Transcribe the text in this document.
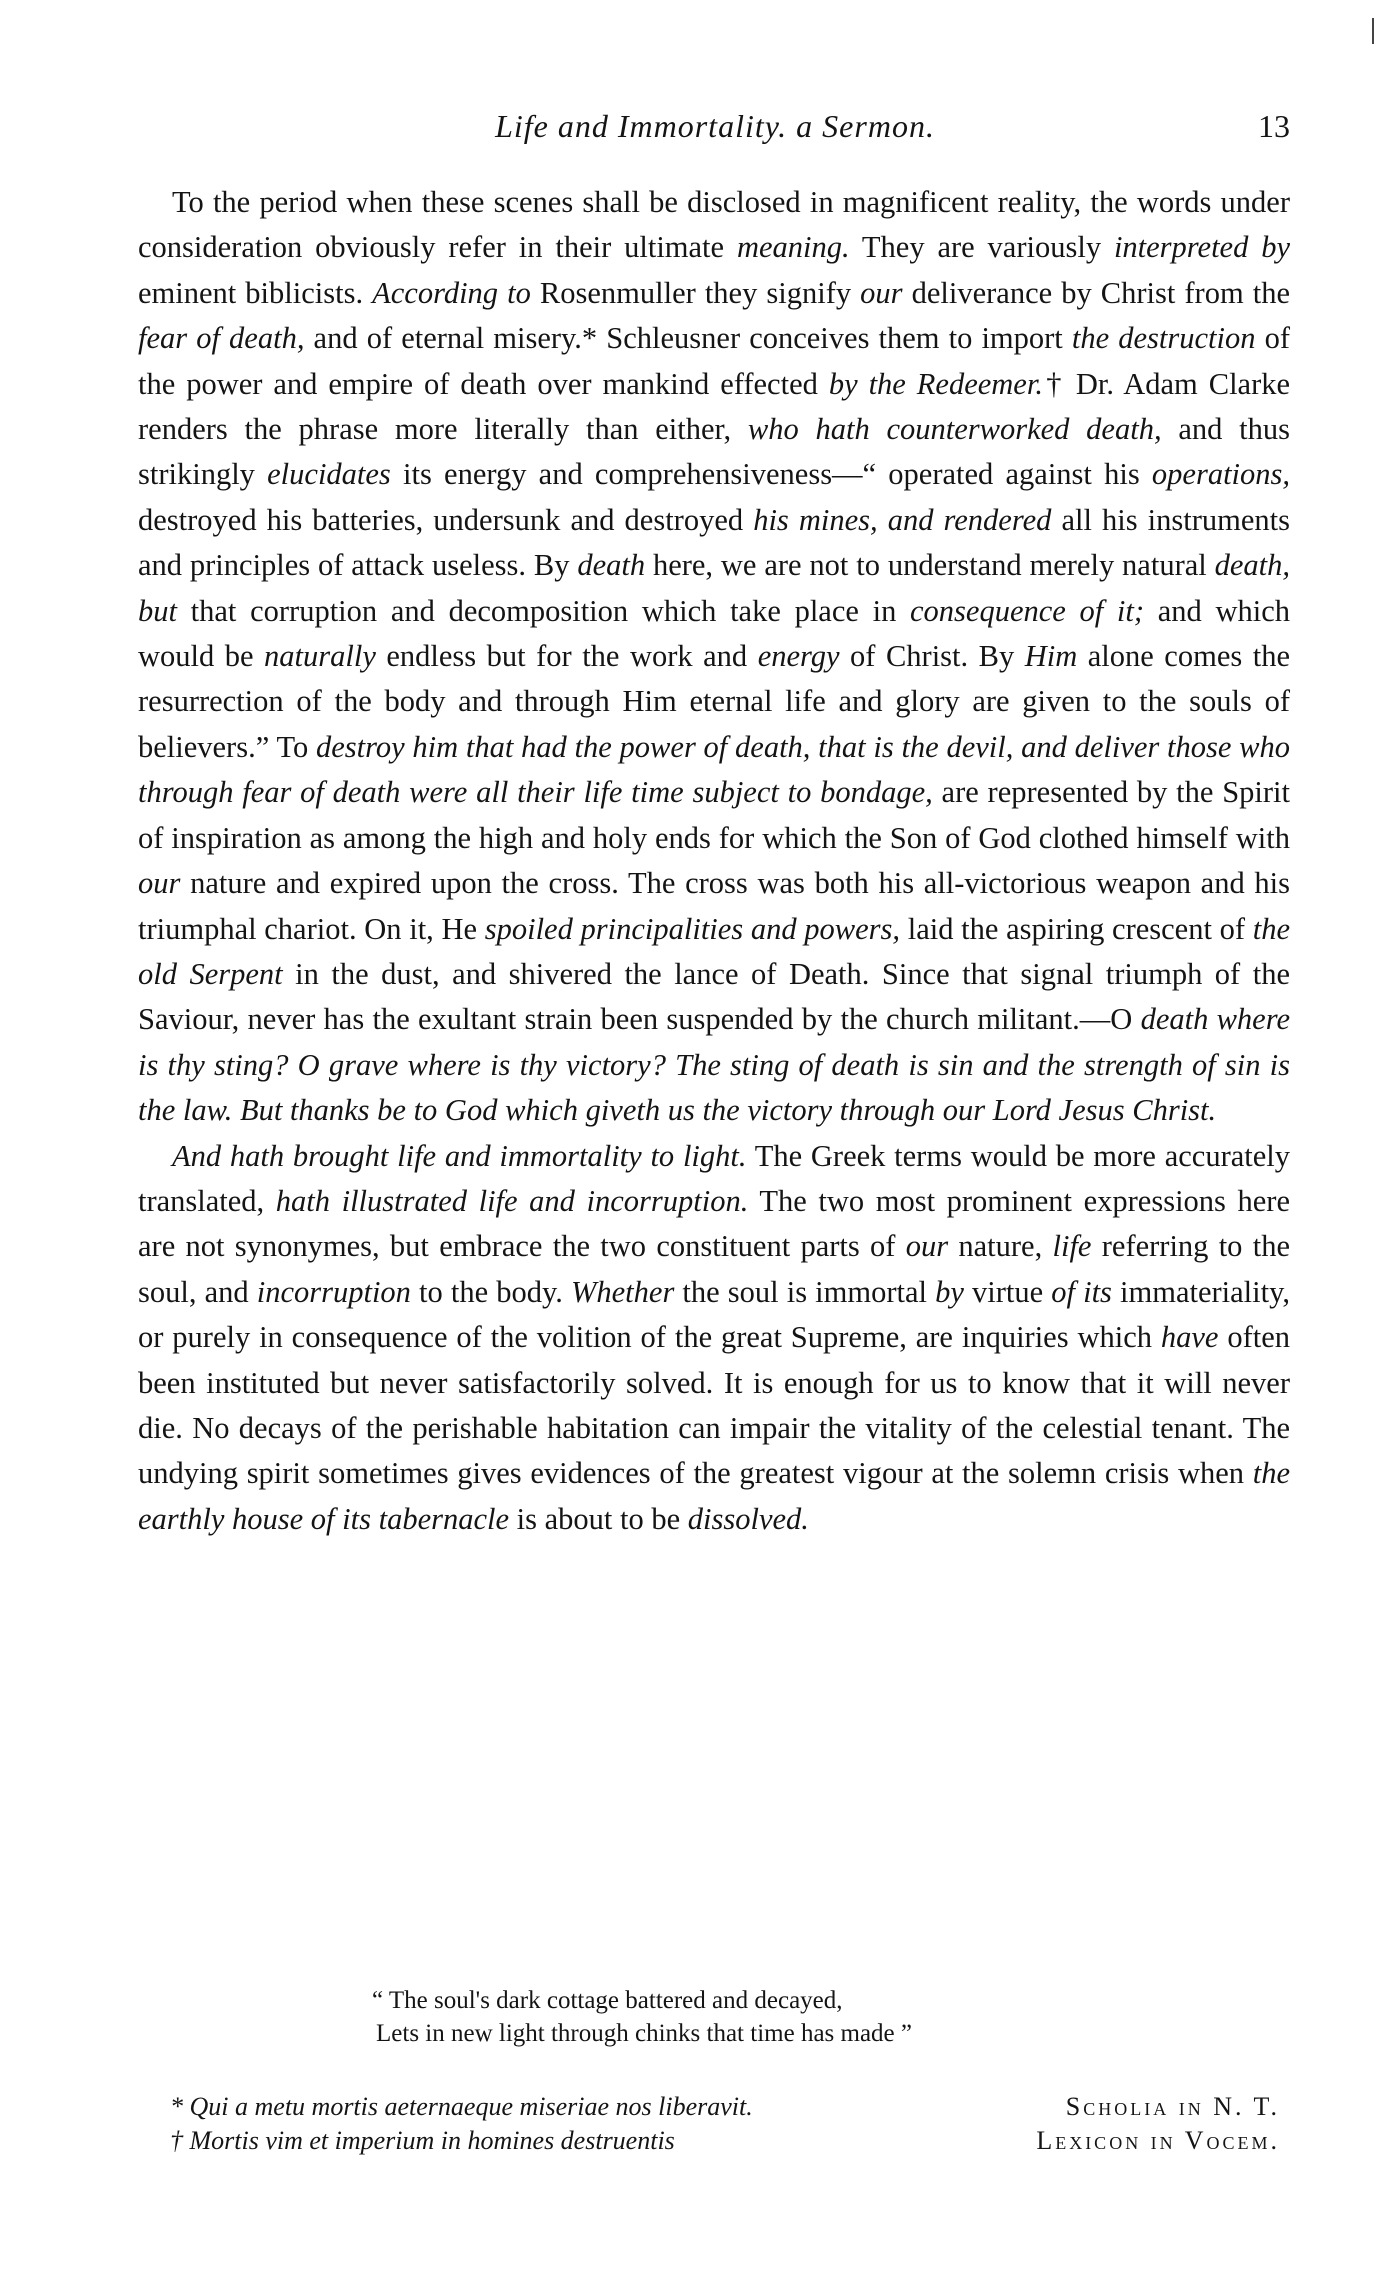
Life and Immortality. a Sermon.	13

To the period when these scenes shall be disclosed in magnificent reality, the words under consideration obviously refer in their ultimate meaning. They are variously interpreted by eminent biblicists. According to Rosenmuller they signify our deliverance by Christ from the fear of death, and of eternal misery.* Schleusner conceives them to import the destruction of the power and empire of death over mankind effected by the Redeemer.† Dr. Adam Clarke renders the phrase more literally than either, who hath counterworked death, and thus strikingly elucidates its energy and comprehensiveness—“ operated against his operations, destroyed his batteries, undersunk and destroyed his mines, and rendered all his instruments and principles of attack useless. By death here, we are not to understand merely natural death, but that corruption and decomposition which take place in consequence of it; and which would be naturally endless but for the work and energy of Christ. By Him alone comes the resurrection of the body and through Him eternal life and glory are given to the souls of believers.” To destroy him that had the power of death, that is the devil, and deliver those who through fear of death were all their life time subject to bondage, are represented by the Spirit of inspiration as among the high and holy ends for which the Son of God clothed himself with our nature and expired upon the cross. The cross was both his all-victorious weapon and his triumphal chariot. On it, He spoiled principalities and powers, laid the aspiring crescent of the old Serpent in the dust, and shivered the lance of Death. Since that signal triumph of the Saviour, never has the exultant strain been suspended by the church militant.—O death where is thy sting? O grave where is thy victory? The sting of death is sin and the strength of sin is the law. But thanks be to God which giveth us the victory through our Lord Jesus Christ.

And hath brought life and immortality to light. The Greek terms would be more accurately translated, hath illustrated life and incorruption. The two most prominent expressions here are not synonymes, but embrace the two constituent parts of our nature, life referring to the soul, and incorruption to the body. Whether the soul is immortal by virtue of its immateriality, or purely in consequence of the volition of the great Supreme, are inquiries which have often been instituted but never satisfactorily solved. It is enough for us to know that it will never die. No decays of the perishable habitation can impair the vitality of the celestial tenant. The undying spirit sometimes gives evidences of the greatest vigour at the solemn crisis when the earthly house of its tabernacle is about to be dissolved.

“ The soul's dark cottage battered and decayed,
Lets in new light through chinks that time has made ”
* Qui a metu mortis aeternaeque miseriae nos liberavit.	Scholia in N. T.
† Mortis vim et imperium in homines destruentis	Lexicon in Vocem.
